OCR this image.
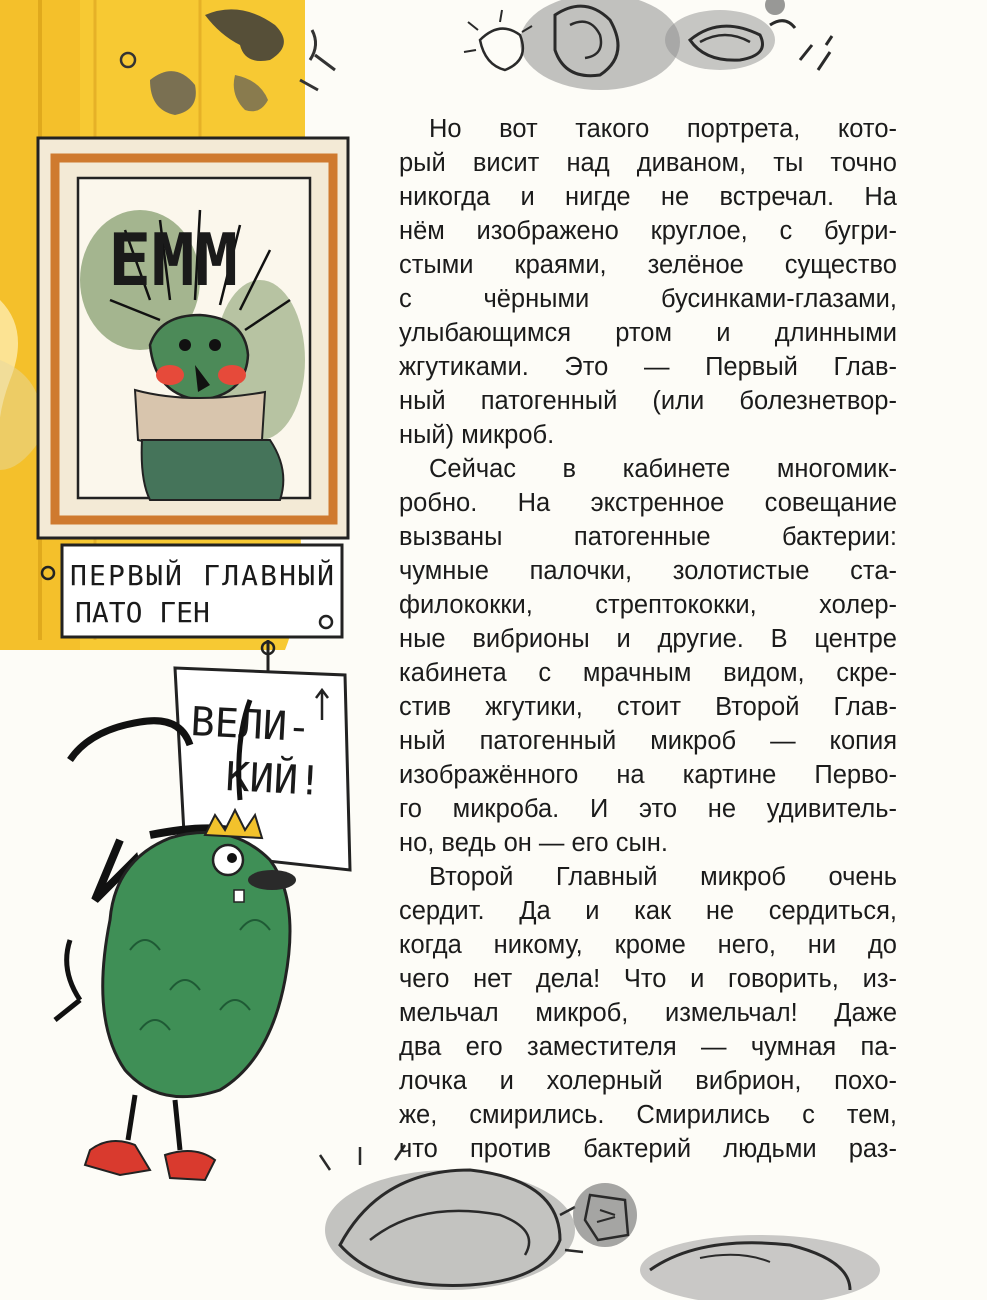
ЕММ
ПЕРВЫЙ ГЛАВНЫЙ
ПАТО ГЕН
ВЕЛИ-
КИЙ!
Но вот такого портрета, кото-
рый висит над диваном, ты точно
никогда и нигде не встречал. На
нём изображено круглое, с бугри-
стыми краями, зелёное существо
с чёрными бусинками-глазами,
улыбающимся ртом и длинными
жгутиками. Это — Первый Глав-
ный патогенный (или болезнетвор-
ный) микроб.
Сейчас в кабинете многомик-
робно. На экстренное совещание
вызваны патогенные бактерии:
чумные палочки, золотистые ста-
филококки, стрептококки, холер-
ные вибрионы и другие. В центре
кабинета с мрачным видом, скре-
стив жгутики, стоит Второй Глав-
ный патогенный микроб — копия
изображённого на картине Перво-
го микроба. И это не удивитель-
но, ведь он — его сын.
Второй Главный микроб очень
сердит. Да и как не сердиться,
когда никому, кроме него, ни до
чего нет дела! Что и говорить, из-
мельчал микроб, измельчал! Даже
два его заместителя — чумная па-
лочка и холерный вибрион, похо-
же, смирились. Смирились с тем,
что против бактерий людьми раз-
